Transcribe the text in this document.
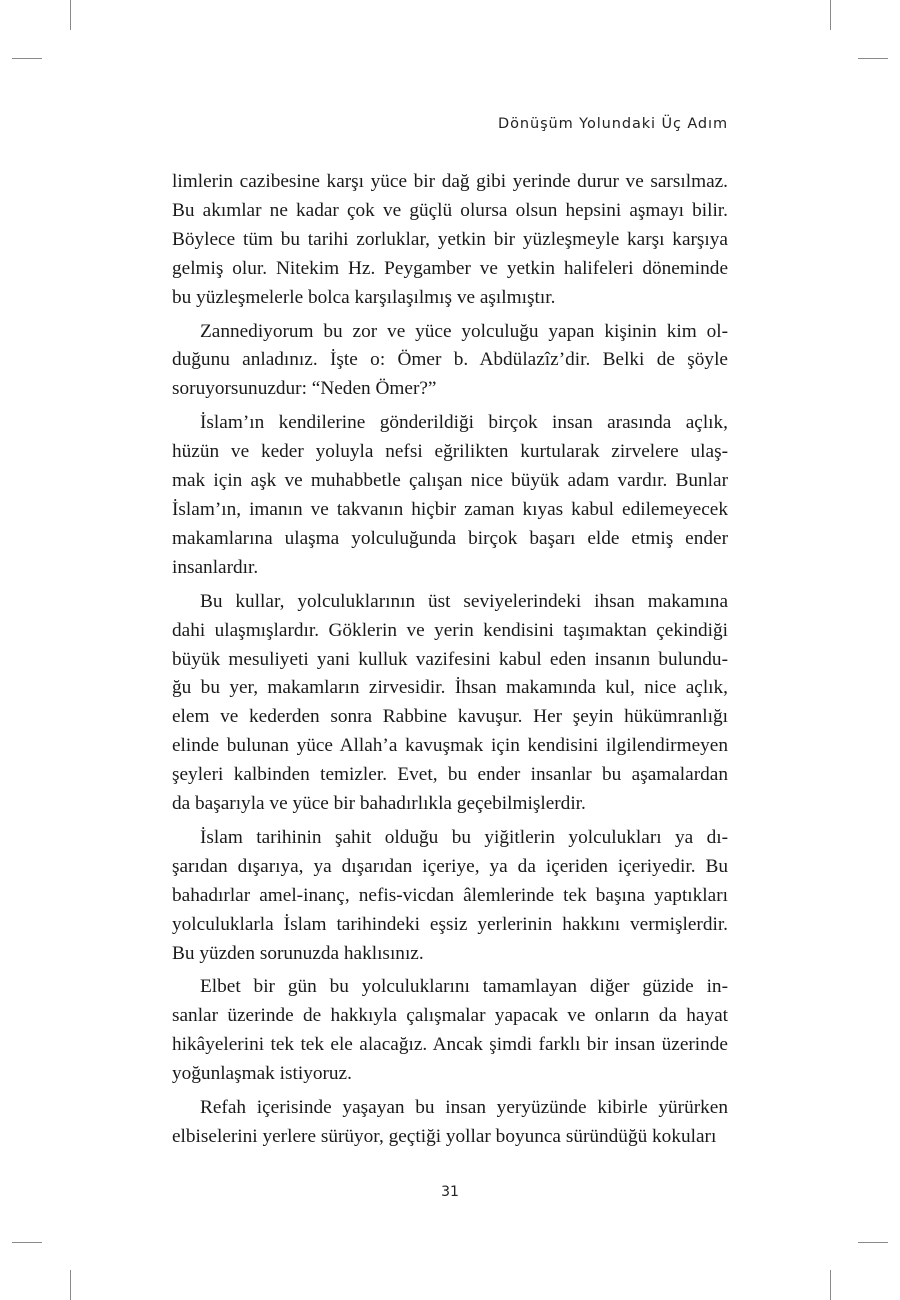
Dönüşüm Yolundaki Üç Adım
limlerin cazibesine karşı yüce bir dağ gibi yerinde durur ve sarsılmaz.
Bu akımlar ne kadar çok ve güçlü olursa olsun hepsini aşmayı bilir.
Böylece tüm bu tarihi zorluklar, yetkin bir yüzleşmeyle karşı karşıya
gelmiş olur. Nitekim Hz. Peygamber ve yetkin halifeleri döneminde
bu yüzleşmelerle bolca karşılaşılmış ve aşılmıştır.
Zannediyorum bu zor ve yüce yolculuğu yapan kişinin kim ol-
duğunu anladınız. İşte o: Ömer b. Abdülazîz’dir. Belki de şöyle
soruyorsunuzdur: “Neden Ömer?”
İslam’ın kendilerine gönderildiği birçok insan arasında açlık,
hüzün ve keder yoluyla nefsi eğrilikten kurtularak zirvelere ulaş-
mak için aşk ve muhabbetle çalışan nice büyük adam vardır. Bunlar
İslam’ın, imanın ve takvanın hiçbir zaman kıyas kabul edilemeyecek
makamlarına ulaşma yolculuğunda birçok başarı elde etmiş ender
insanlardır.
Bu kullar, yolculuklarının üst seviyelerindeki ihsan makamına
dahi ulaşmışlardır. Göklerin ve yerin kendisini taşımaktan çekindiği
büyük mesuliyeti yani kulluk vazifesini kabul eden insanın bulundu-
ğu bu yer, makamların zirvesidir. İhsan makamında kul, nice açlık,
elem ve kederden sonra Rabbine kavuşur. Her şeyin hükümranlığı
elinde bulunan yüce Allah’a kavuşmak için kendisini ilgilendirmeyen
şeyleri kalbinden temizler. Evet, bu ender insanlar bu aşamalardan
da başarıyla ve yüce bir bahadırlıkla geçebilmişlerdir.
İslam tarihinin şahit olduğu bu yiğitlerin yolculukları ya dı-
şarıdan dışarıya, ya dışarıdan içeriye, ya da içeriden içeriyedir. Bu
bahadırlar amel-inanç, nefis-vicdan âlemlerinde tek başına yaptıkları
yolculuklarla İslam tarihindeki eşsiz yerlerinin hakkını vermişlerdir.
Bu yüzden sorunuzda haklısınız.
Elbet bir gün bu yolculuklarını tamamlayan diğer güzide in-
sanlar üzerinde de hakkıyla çalışmalar yapacak ve onların da hayat
hikâyelerini tek tek ele alacağız. Ancak şimdi farklı bir insan üzerinde
yoğunlaşmak istiyoruz.
Refah içerisinde yaşayan bu insan yeryüzünde kibirle yürürken
elbiselerini yerlere sürüyor, geçtiği yollar boyunca süründüğü kokuları
31
